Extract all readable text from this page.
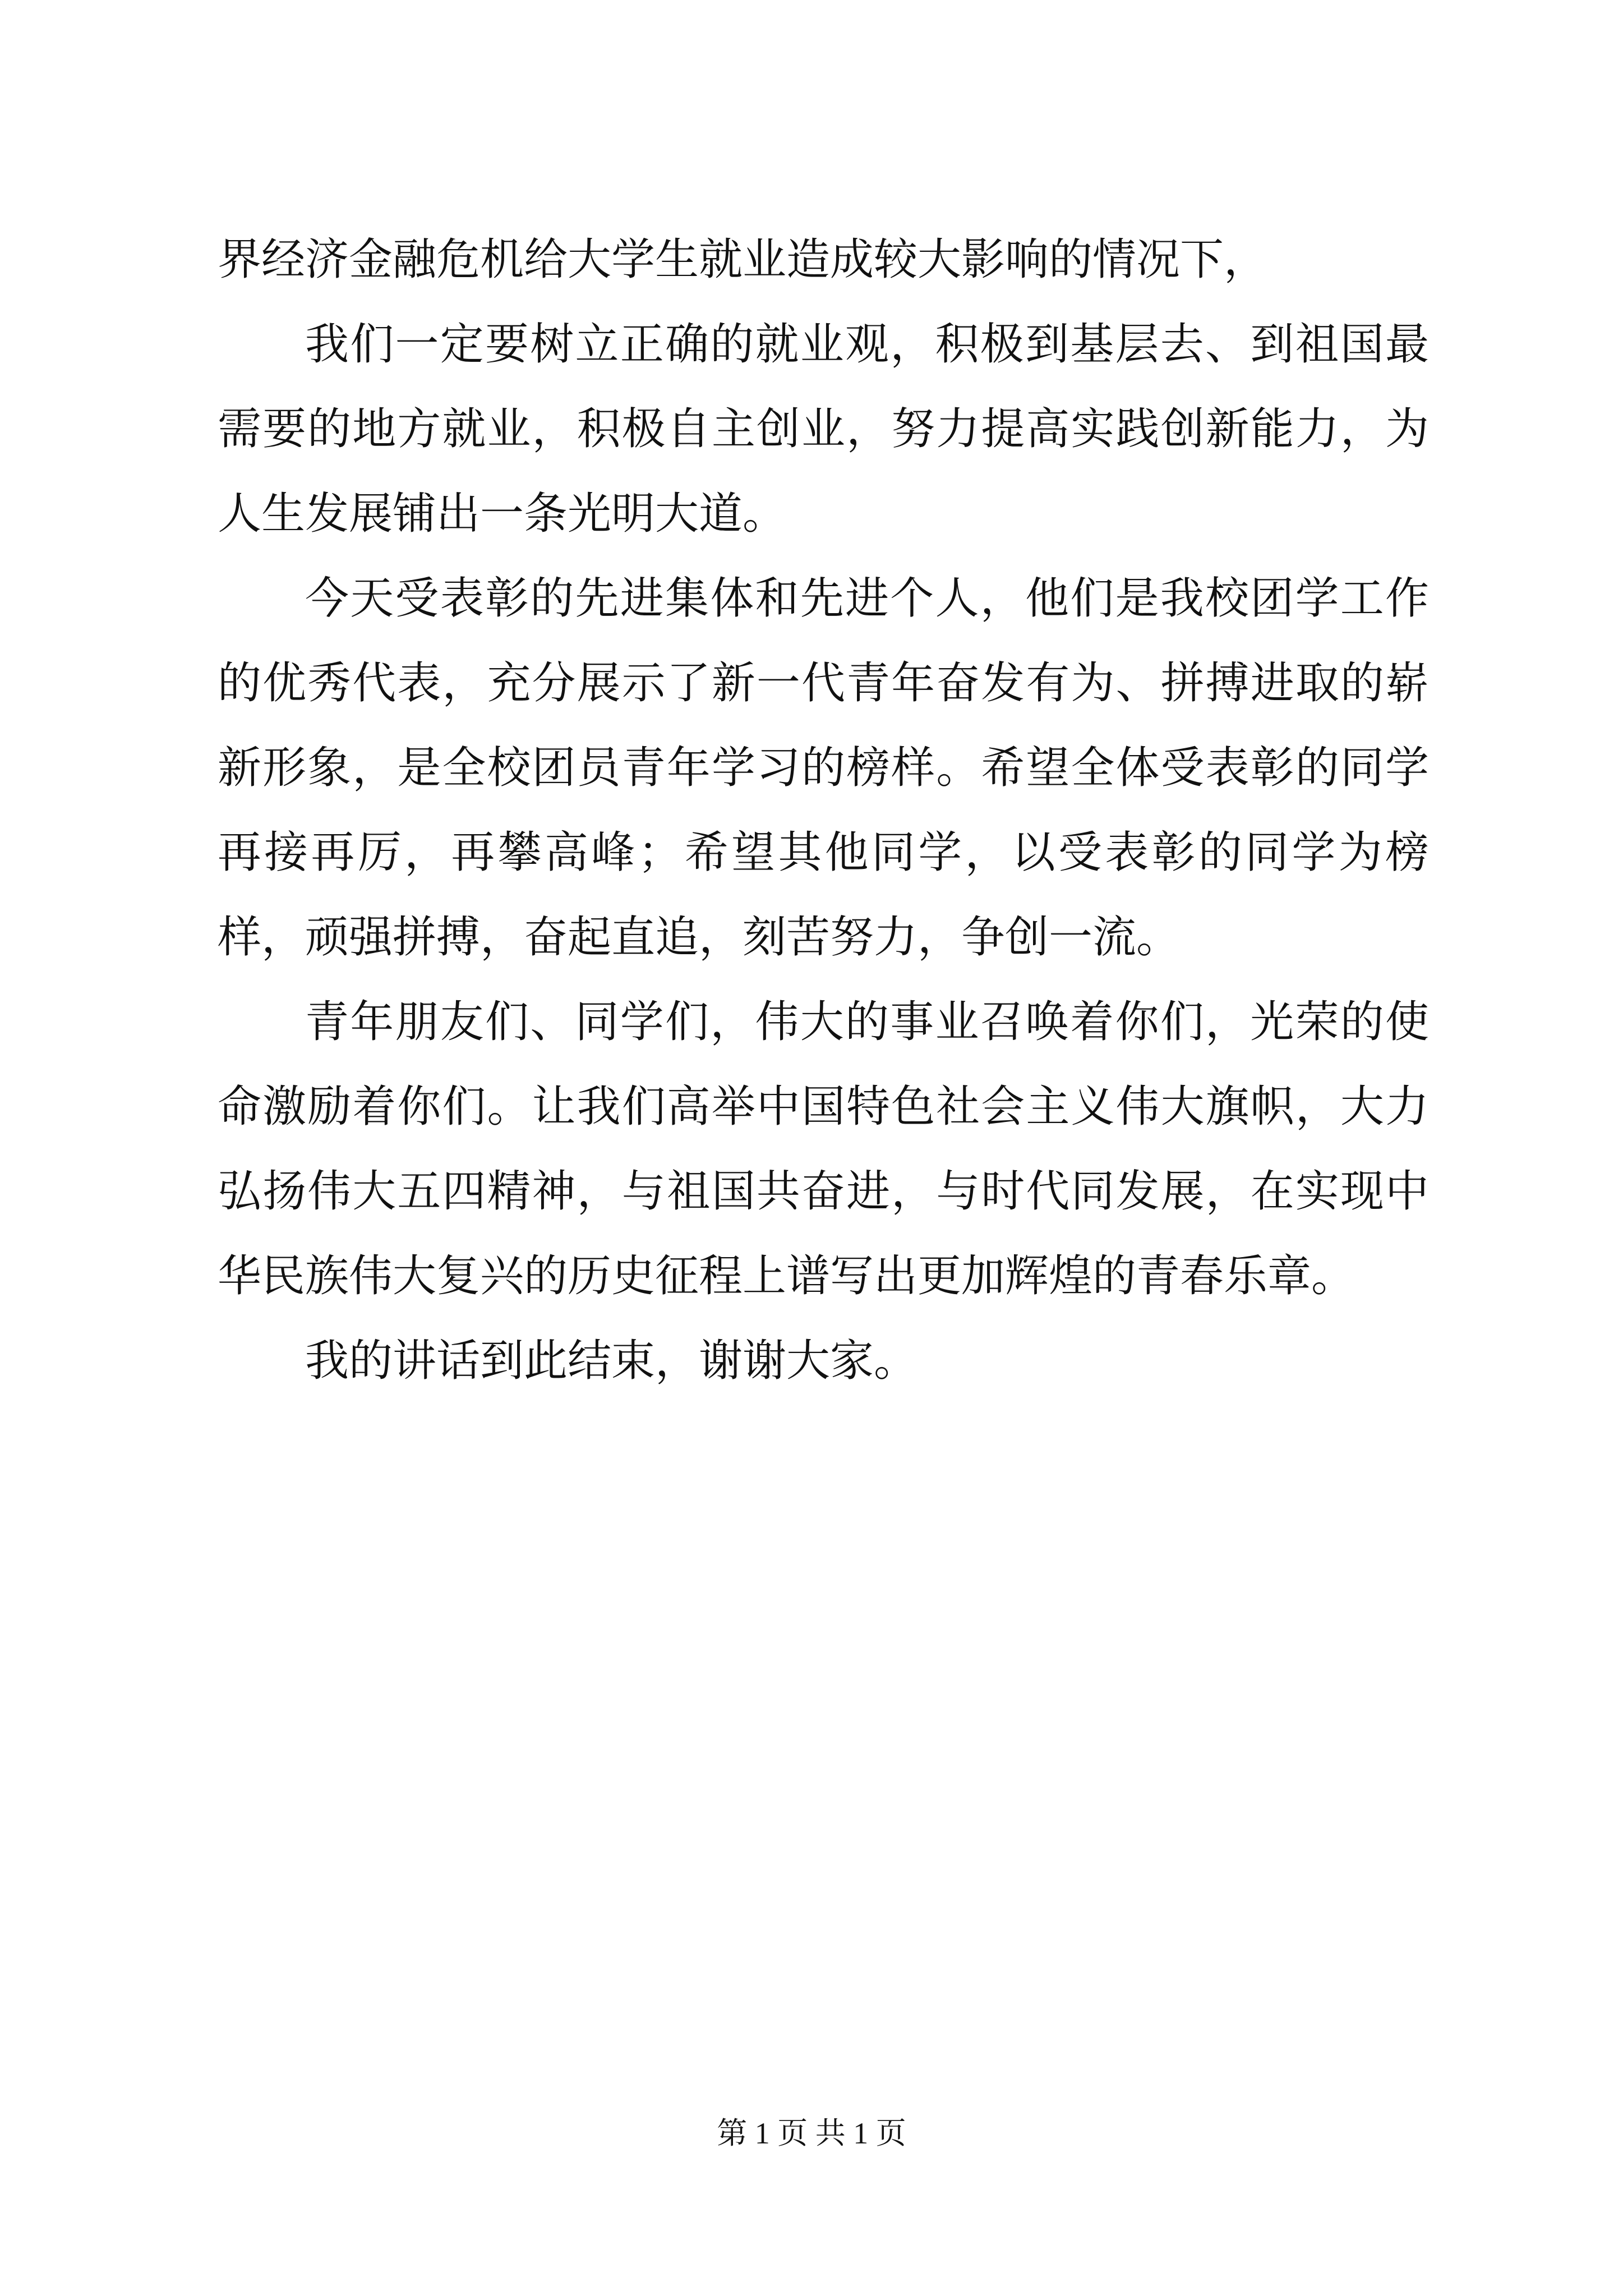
界经济金融危机给大学生就业造成较大影响的情况下，

我们一定要树立正确的就业观，积极到基层去、到祖国最需要的地方就业，积极自主创业，努力提高实践创新能力，为人生发展铺出一条光明大道。

今天受表彰的先进集体和先进个人，他们是我校团学工作的优秀代表，充分展示了新一代青年奋发有为、拼搏进取的崭新形象，是全校团员青年学习的榜样。希望全体受表彰的同学再接再厉，再攀高峰；希望其他同学，以受表彰的同学为榜样，顽强拼搏，奋起直追，刻苦努力，争创一流。

青年朋友们、同学们，伟大的事业召唤着你们，光荣的使命激励着你们。让我们高举中国特色社会主义伟大旗帜，大力弘扬伟大五四精神，与祖国共奋进，与时代同发展，在实现中华民族伟大复兴的历史征程上谱写出更加辉煌的青春乐章。

我的讲话到此结束，谢谢大家。

第 1 页 共 1 页
